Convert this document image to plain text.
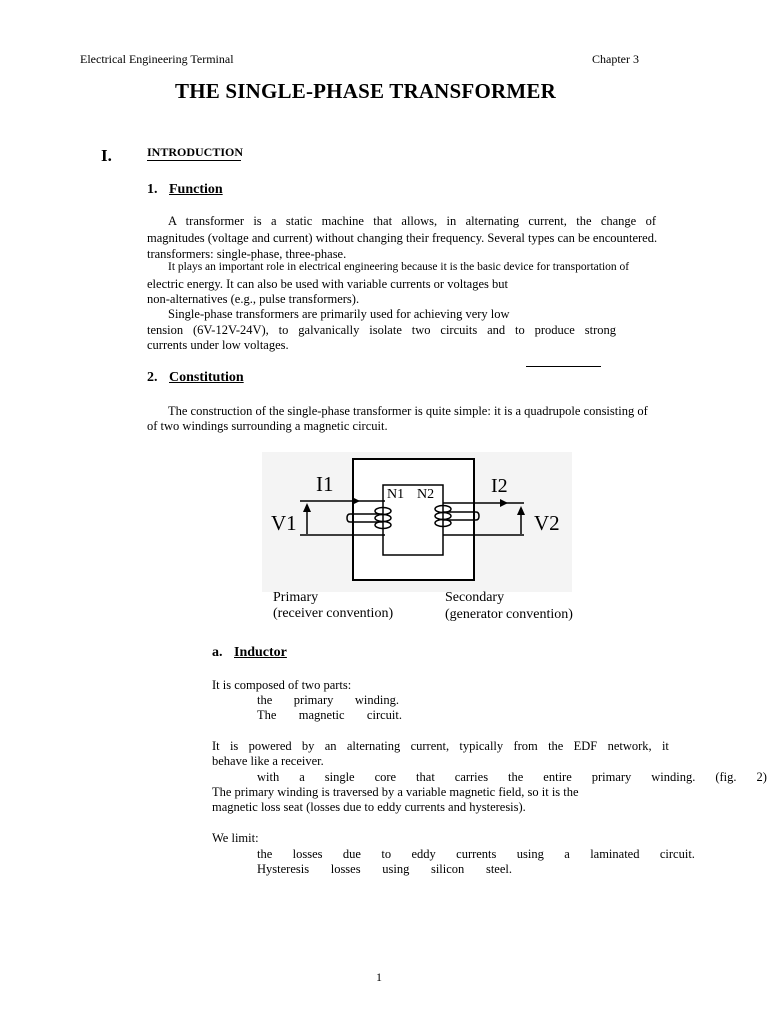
Electrical Engineering Terminal	Chapter 3
THE SINGLE-PHASE TRANSFORMER
I.	INTRODUCTION
1. Function
A transformer is a static machine that allows, in alternating current, the change of
magnitudes (voltage and current) without changing their frequency. Several types can be encountered.
transformers: single-phase, three-phase.
It plays an important role in electrical engineering because it is the basic device for transportation of
electric energy. It can also be used with variable currents or voltages but
non-alternatives (e.g., pulse transformers).
Single-phase transformers are primarily used for achieving very low
tension (6V-12V-24V), to galvanically isolate two circuits and to produce strong
currents under low voltages.
2. Constitution
The construction of the single-phase transformer is quite simple: it is a quadrupole consisting of
of two windings surrounding a magnetic circuit.
I1	I2
V1	V2
N1 N2
Primary
(receiver convention)
Secondary
(generator convention)
a. Inductor
It is composed of two parts:
the primary winding.
The magnetic circuit.
It is powered by an alternating current, typically from the EDF network, it
behave like a receiver.
with a single core that carries the entire primary winding. (fig. 2)
The primary winding is traversed by a variable magnetic field, so it is the
magnetic loss seat (losses due to eddy currents and hysteresis).
We limit:
the losses due to eddy currents using a laminated circuit.
Hysteresis losses using silicon steel.
1
